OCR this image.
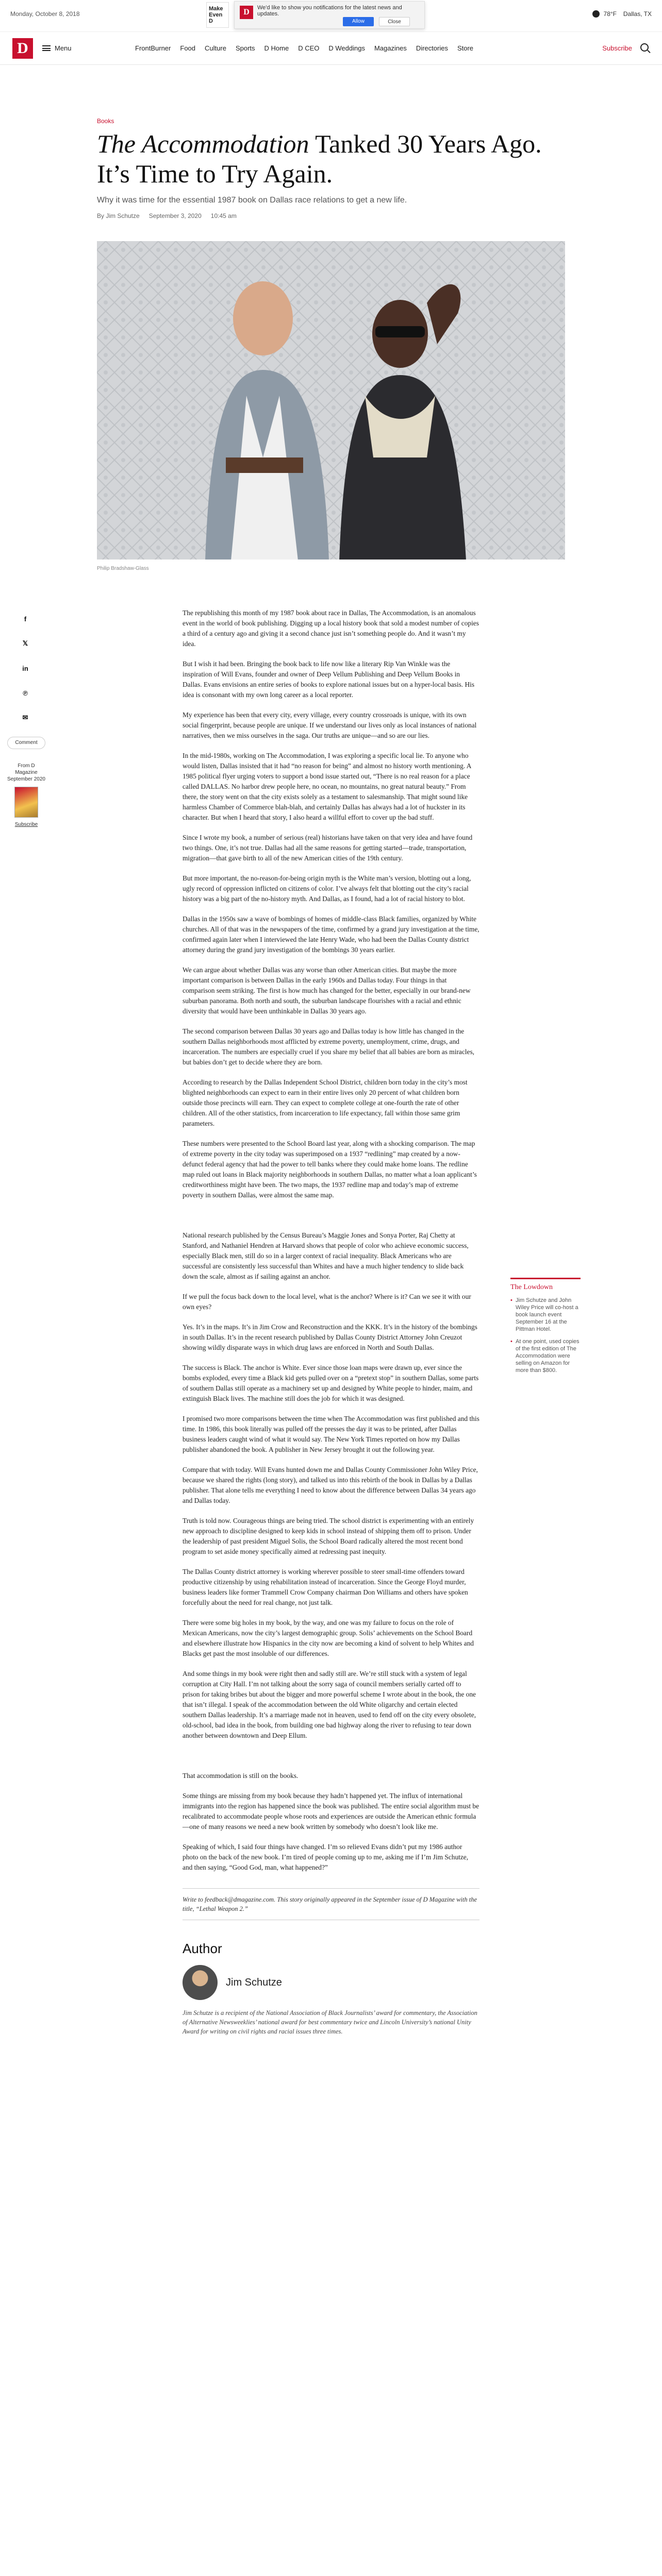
Monday, October 8, 2018
Make Even D
D	We'd like to show you notifications for the latest news and updates.
Allow	Close
78°F Dallas, TX
D	Menu	FrontBurner Food Culture Sports D Home D CEO D Weddings Magazines Directories Store	Subscribe
Books
The Accommodation Tanked 30 Years Ago. It’s Time to Try Again.
Why it was time for the essential 1987 book on Dallas race relations to get a new life.
By Jim Schutze September 3, 2020 10:45 am
Philip Bradshaw-Glass
f
𝕏
in
℗
✉
Comment
From D Magazine September 2020
Subscribe

The republishing this month of my 1987 book about race in Dallas, The Accommodation, is an anomalous event in the world of book publishing. Digging up a local history book that sold a modest number of copies a third of a century ago and giving it a second chance just isn’t something people do. And it wasn’t my idea.

But I wish it had been. Bringing the book back to life now like a literary Rip Van Winkle was the inspiration of Will Evans, founder and owner of Deep Vellum Publishing and Deep Vellum Books in Dallas. Evans envisions an entire series of books to explore national issues but on a hyper-local basis. His idea is consonant with my own long career as a local reporter.

My experience has been that every city, every village, every country crossroads is unique, with its own social fingerprint, because people are unique. If we understand our lives only as local instances of national narratives, then we miss ourselves in the saga. Our truths are unique—and so are our lies.

In the mid-1980s, working on The Accommodation, I was exploring a specific local lie. To anyone who would listen, Dallas insisted that it had “no reason for being” and almost no history worth mentioning. A 1985 political flyer urging voters to support a bond issue started out, “There is no real reason for a place called DALLAS. No harbor drew people here, no ocean, no mountains, no great natural beauty.” From there, the story went on that the city exists solely as a testament to salesmanship. That might sound like harmless Chamber of Commerce blah-blah, and certainly Dallas has always had a lot of huckster in its character. But when I heard that story, I also heard a willful effort to cover up the bad stuff.

Since I wrote my book, a number of serious (real) historians have taken on that very idea and have found two things. One, it’s not true. Dallas had all the same reasons for getting started—trade, transportation, migration—that gave birth to all of the new American cities of the 19th century.

But more important, the no-reason-for-being origin myth is the White man’s version, blotting out a long, ugly record of oppression inflicted on citizens of color. I’ve always felt that blotting out the city’s racial history was a big part of the no-history myth. And Dallas, as I found, had a lot of racial history to blot.

Dallas in the 1950s saw a wave of bombings of homes of middle-class Black families, organized by White churches. All of that was in the newspapers of the time, confirmed by a grand jury investigation at the time, confirmed again later when I interviewed the late Henry Wade, who had been the Dallas County district attorney during the grand jury investigation of the bombings 30 years earlier.

We can argue about whether Dallas was any worse than other American cities. But maybe the more important comparison is between Dallas in the early 1960s and Dallas today. Four things in that comparison seem striking. The first is how much has changed for the better, especially in our brand-new suburban panorama. Both north and south, the suburban landscape flourishes with a racial and ethnic diversity that would have been unthinkable in Dallas 30 years ago.

The second comparison between Dallas 30 years ago and Dallas today is how little has changed in the southern Dallas neighborhoods most afflicted by extreme poverty, unemployment, crime, drugs, and incarceration. The numbers are especially cruel if you share my belief that all babies are born as miracles, but babies don’t get to decide where they are born.

According to research by the Dallas Independent School District, children born today in the city’s most blighted neighborhoods can expect to earn in their entire lives only 20 percent of what children born outside those precincts will earn. They can expect to complete college at one-fourth the rate of other children. All of the other statistics, from incarceration to life expectancy, fall within those same grim parameters.

These numbers were presented to the School Board last year, along with a shocking comparison. The map of extreme poverty in the city today was superimposed on a 1937 “redlining” map created by a now-defunct federal agency that had the power to tell banks where they could make home loans. The redline map ruled out loans in Black majority neighborhoods in southern Dallas, no matter what a loan applicant’s creditworthiness might have been. The two maps, the 1937 redline map and today’s map of extreme poverty in southern Dallas, were almost the same map.

National research published by the Census Bureau’s Maggie Jones and Sonya Porter, Raj Chetty at Stanford, and Nathaniel Hendren at Harvard shows that people of color who achieve economic success, especially Black men, still do so in a larger context of racial inequality. Black Americans who are successful are consistently less successful than Whites and have a much higher tendency to slide back down the scale, almost as if sailing against an anchor.

If we pull the focus back down to the local level, what is the anchor? Where is it? Can we see it with our own eyes?

Yes. It’s in the maps. It’s in Jim Crow and Reconstruction and the KKK. It’s in the history of the bombings in south Dallas. It’s in the recent research published by Dallas County District Attorney John Creuzot showing wildly disparate ways in which drug laws are enforced in North and South Dallas.

The success is Black. The anchor is White. Ever since those loan maps were drawn up, ever since the bombs exploded, every time a Black kid gets pulled over on a “pretext stop” in southern Dallas, some parts of southern Dallas still operate as a machinery set up and designed by White people to hinder, maim, and extinguish Black lives. The machine still does the job for which it was designed.

I promised two more comparisons between the time when The Accommodation was first published and this time. In 1986, this book literally was pulled off the presses the day it was to be printed, after Dallas business leaders caught wind of what it would say. The New York Times reported on how my Dallas publisher abandoned the book. A publisher in New Jersey brought it out the following year.

Compare that with today. Will Evans hunted down me and Dallas County Commissioner John Wiley Price, because we shared the rights (long story), and talked us into this rebirth of the book in Dallas by a Dallas publisher. That alone tells me everything I need to know about the difference between Dallas 34 years ago and Dallas today.

Truth is told now. Courageous things are being tried. The school district is experimenting with an entirely new approach to discipline designed to keep kids in school instead of shipping them off to prison. Under the leadership of past president Miguel Solis, the School Board radically altered the most recent bond program to set aside money specifically aimed at redressing past inequity.

The Dallas County district attorney is working wherever possible to steer small-time offenders toward productive citizenship by using rehabilitation instead of incarceration. Since the George Floyd murder, business leaders like former Trammell Crow Company chairman Don Williams and others have spoken forcefully about the need for real change, not just talk.

There were some big holes in my book, by the way, and one was my failure to focus on the role of Mexican Americans, now the city’s largest demographic group. Solis’ achievements on the School Board and elsewhere illustrate how Hispanics in the city now are becoming a kind of solvent to help Whites and Blacks get past the most insoluble of our differences.

And some things in my book were right then and sadly still are. We’re still stuck with a system of legal corruption at City Hall. I’m not talking about the sorry saga of council members serially carted off to prison for taking bribes but about the bigger and more powerful scheme I wrote about in the book, the one that isn’t illegal. I speak of the accommodation between the old White oligarchy and certain elected southern Dallas leadership. It’s a marriage made not in heaven, used to fend off on the city every obsolete, old-school, bad idea in the book, from building one bad highway along the river to refusing to tear down another between downtown and Deep Ellum.

That accommodation is still on the books.

Some things are missing from my book because they hadn’t happened yet. The influx of international immigrants into the region has happened since the book was published. The entire social algorithm must be recalibrated to accommodate people whose roots and experiences are outside the American ethnic formula—one of many reasons we need a new book written by somebody who doesn’t look like me.

Speaking of which, I said four things have changed. I’m so relieved Evans didn’t put my 1986 author photo on the back of the new book. I’m tired of people coming up to me, asking me if I’m Jim Schutze, and then saying, “Good God, man, what happened?”

Write to feedback@dmagazine.com. This story originally appeared in the September issue of D Magazine with the title, “Lethal Weapon 2.”
Author
Jim Schutze
Jim Schutze is a recipient of the National Association of Black Journalists’ award for commentary, the Association of Alternative Newsweeklies’ national award for best commentary twice and Lincoln University’s national Unity Award for writing on civil rights and racial issues three times.
The Lowdown
• Jim Schutze and John Wiley Price will co-host a book launch event September 16 at the Pittman Hotel.
• At one point, used copies of the first edition of The Accommodation were selling on Amazon for more than $800.
